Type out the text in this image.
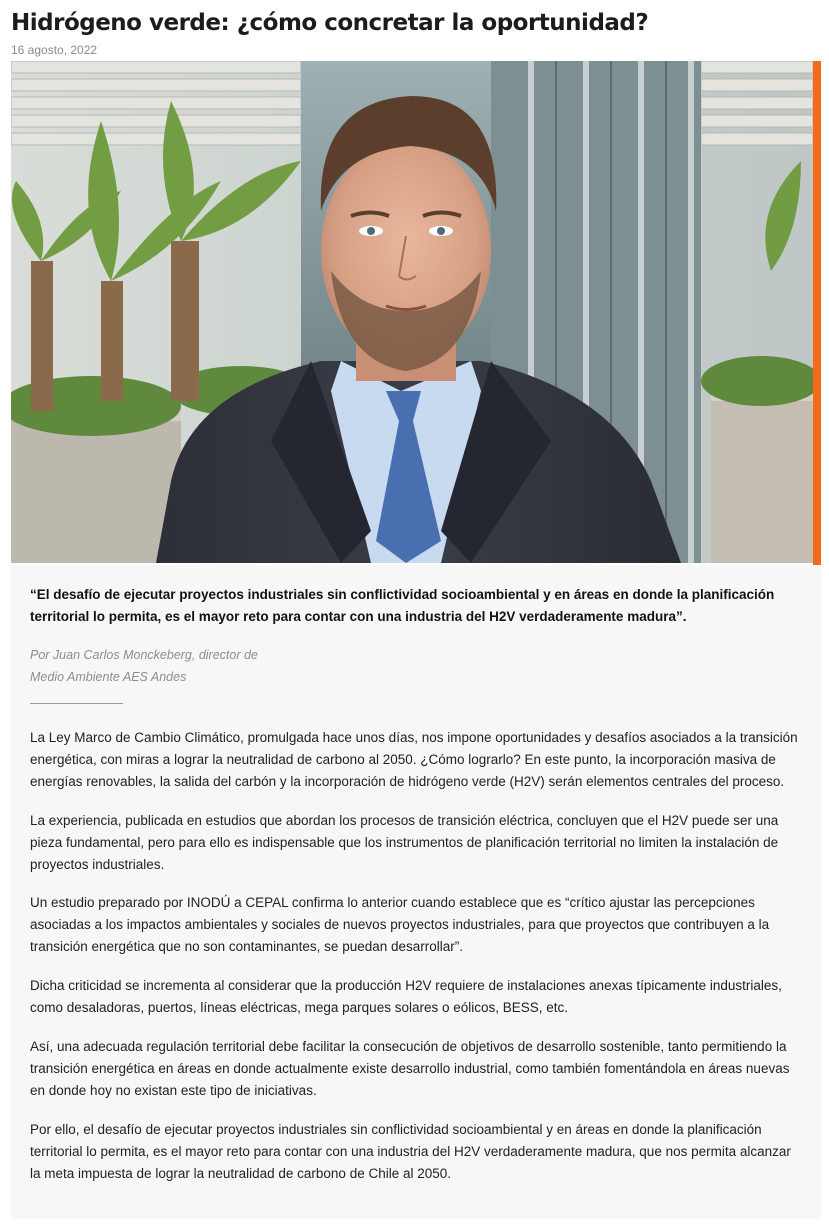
Hidrógeno verde: ¿cómo concretar la oportunidad?
16 agosto, 2022

“El desafío de ejecutar proyectos industriales sin conflictividad socioambiental y en áreas en donde la planificación territorial lo permita, es el mayor reto para contar con una industria del H2V verdaderamente madura”.

Por Juan Carlos Monckeberg, director de
Medio Ambiente AES Andes

La Ley Marco de Cambio Climático, promulgada hace unos días, nos impone oportunidades y desafíos asociados a la transición energética, con miras a lograr la neutralidad de carbono al 2050. ¿Cómo lograrlo? En este punto, la incorporación masiva de energías renovables, la salida del carbón y la incorporación de hidrógeno verde (H2V) serán elementos centrales del proceso.

La experiencia, publicada en estudios que abordan los procesos de transición eléctrica, concluyen que el H2V puede ser una pieza fundamental, pero para ello es indispensable que los instrumentos de planificación territorial no limiten la instalación de proyectos industriales.

Un estudio preparado por INODÚ a CEPAL confirma lo anterior cuando establece que es “crítico ajustar las percepciones asociadas a los impactos ambientales y sociales de nuevos proyectos industriales, para que proyectos que contribuyen a la transición energética que no son contaminantes, se puedan desarrollar”.

Dicha criticidad se incrementa al considerar que la producción H2V requiere de instalaciones anexas típicamente industriales, como desaladoras, puertos, líneas eléctricas, mega parques solares o eólicos, BESS, etc.

Así, una adecuada regulación territorial debe facilitar la consecución de objetivos de desarrollo sostenible, tanto permitiendo la transición energética en áreas en donde actualmente existe desarrollo industrial, como también fomentándola en áreas nuevas en donde hoy no existan este tipo de iniciativas.

Por ello, el desafío de ejecutar proyectos industriales sin conflictividad socioambiental y en áreas en donde la planificación territorial lo permita, es el mayor reto para contar con una industria del H2V verdaderamente madura, que nos permita alcanzar la meta impuesta de lograr la neutralidad de carbono de Chile al 2050.
